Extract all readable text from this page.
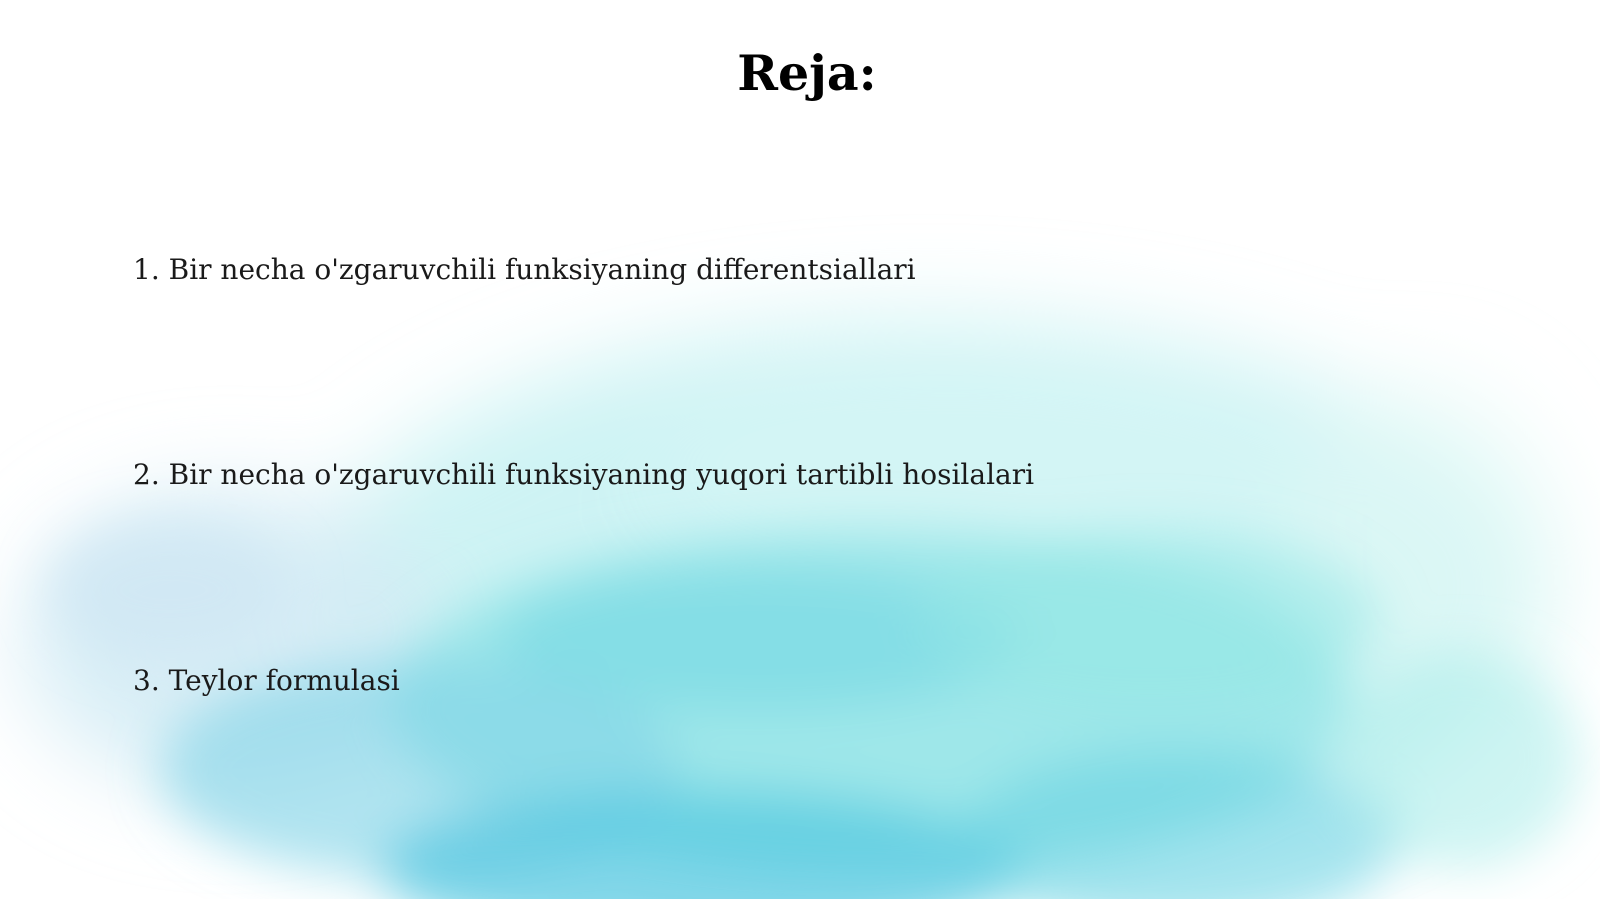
Reja:
1. Bir necha o'zgaruvchili funksiyaning differentsiallari
2. Bir necha o'zgaruvchili funksiyaning yuqori tartibli hosilalari
3. Teylor formulasi
